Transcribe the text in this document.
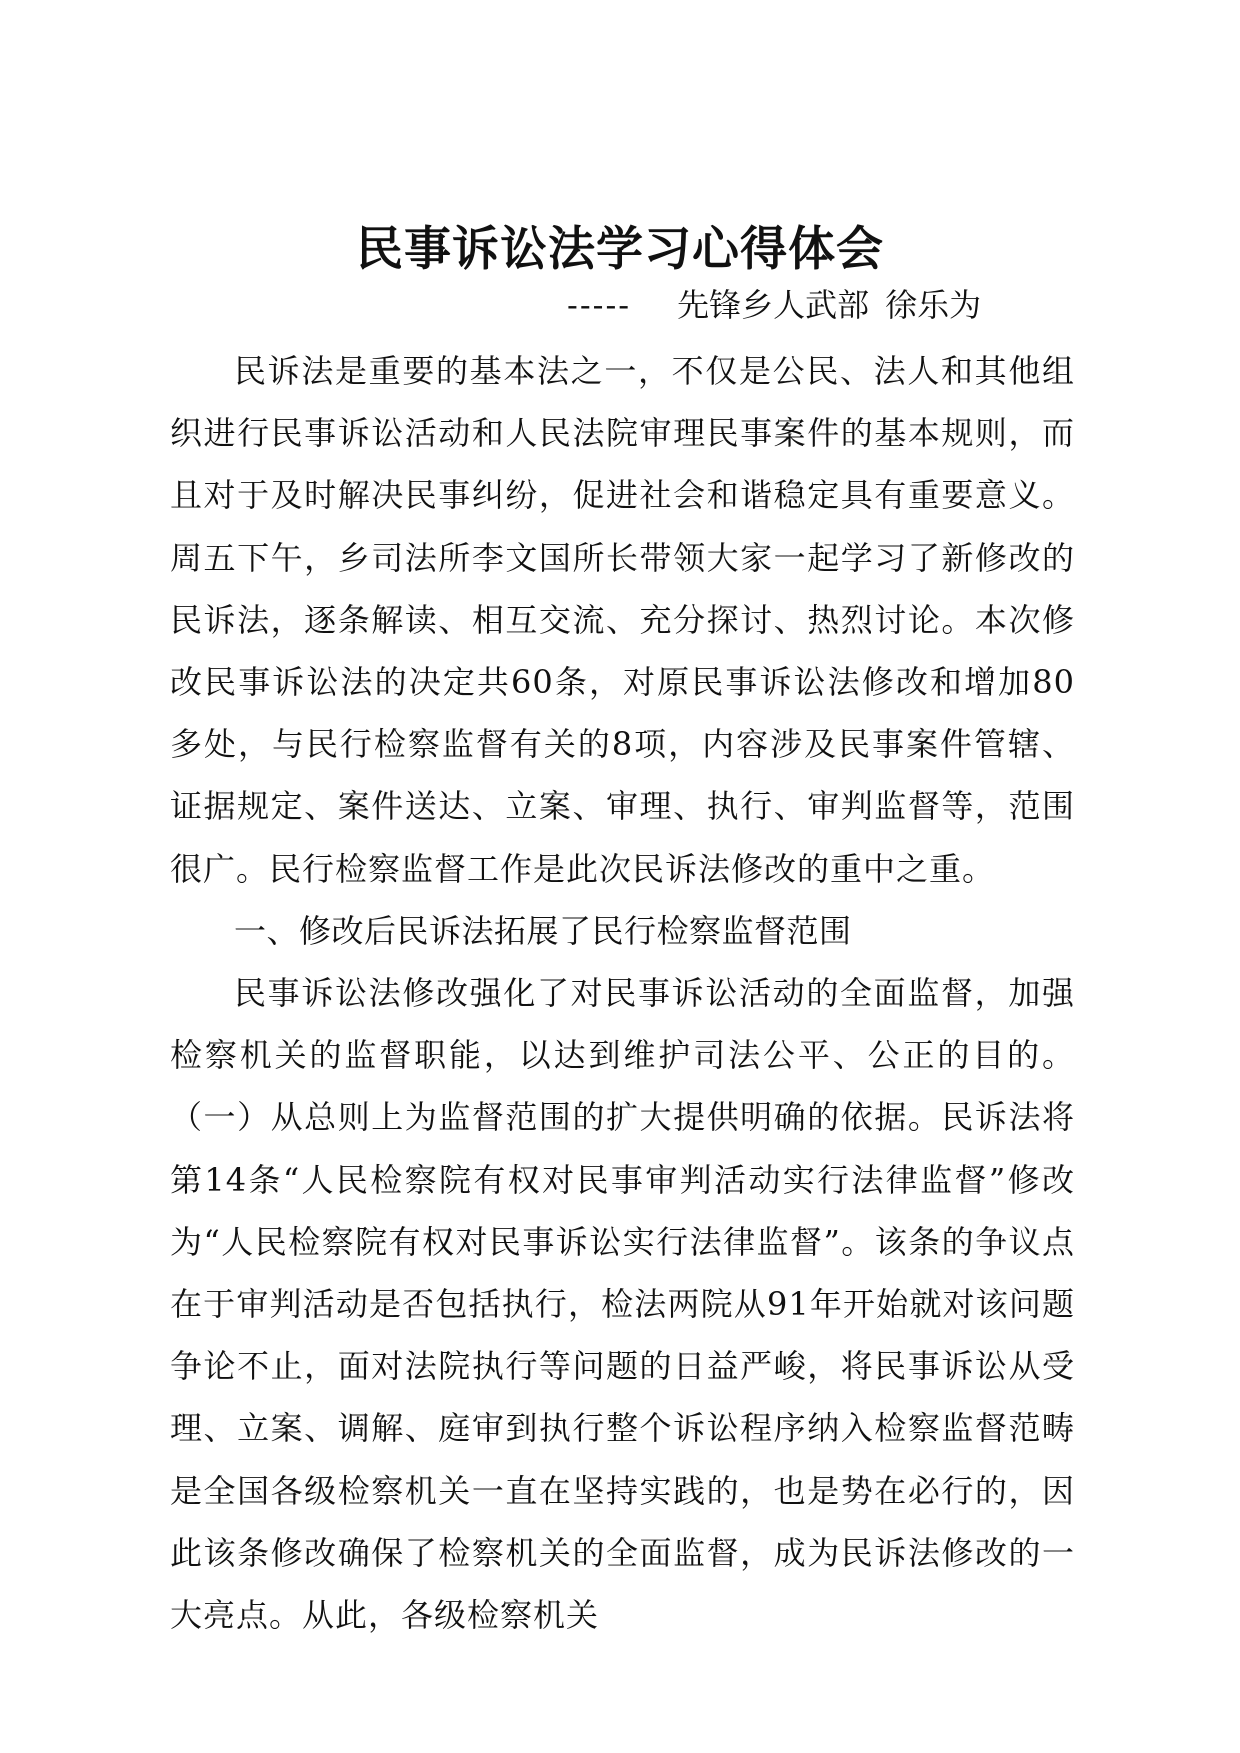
民事诉讼法学习心得体会
----- 先锋乡人武部 徐乐为

民诉法是重要的基本法之一，不仅是公民、法人和其他组织进行民事诉讼活动和人民法院审理民事案件的基本规则，而且对于及时解决民事纠纷，促进社会和谐稳定具有重要意义。周五下午，乡司法所李文国所长带领大家一起学习了新修改的民诉法，逐条解读、相互交流、充分探讨、热烈讨论。本次修改民事诉讼法的决定共60条，对原民事诉讼法修改和增加80多处，与民行检察监督有关的8项，内容涉及民事案件管辖、证据规定、案件送达、立案、审理、执行、审判监督等，范围很广。民行检察监督工作是此次民诉法修改的重中之重。

一、修改后民诉法拓展了民行检察监督范围

民事诉讼法修改强化了对民事诉讼活动的全面监督，加强检察机关的监督职能，以达到维护司法公平、公正的目的。（一）从总则上为监督范围的扩大提供明确的依据。民诉法将第14条“人民检察院有权对民事审判活动实行法律监督”修改为“人民检察院有权对民事诉讼实行法律监督”。该条的争议点在于审判活动是否包括执行，检法两院从91年开始就对该问题争论不止，面对法院执行等问题的日益严峻，将民事诉讼从受理、立案、调解、庭审到执行整个诉讼程序纳入检察监督范畴是全国各级检察机关一直在坚持实践的，也是势在必行的，因此该条修改确保了检察机关的全面监督，成为民诉法修改的一大亮点。从此，各级检察机关
